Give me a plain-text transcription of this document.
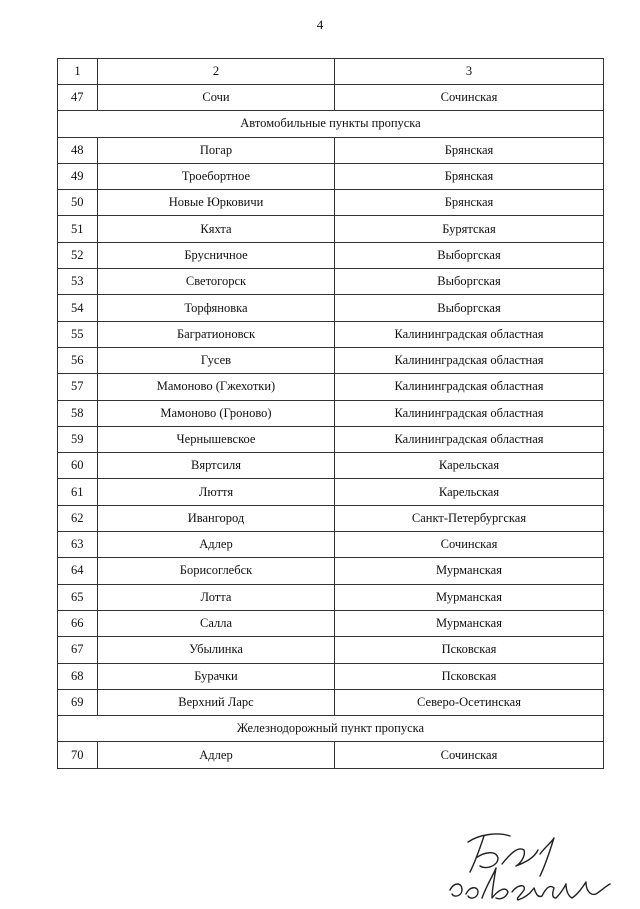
4
1	2	3
47	Сочи	Сочинская
Автомобильные пункты пропуска		
48	Погар	Брянская
49	Троебортное	Брянская
50	Новые Юрковичи	Брянская
51	Кяхта	Бурятская
52	Брусничное	Выборгская
53	Светогорск	Выборгская
54	Торфяновка	Выборгская
55	Багратионовск	Калининградская областная
56	Гусев	Калининградская областная
57	Мамоново (Гжехотки)	Калининградская областная
58	Мамоново (Гроново)	Калининградская областная
59	Чернышевское	Калининградская областная
60	Вяртсиля	Карельская
61	Люття	Карельская
62	Ивангород	Санкт-Петербургская
63	Адлер	Сочинская
64	Борисоглебск	Мурманская
65	Лотта	Мурманская
66	Салла	Мурманская
67	Убылинка	Псковская
68	Бурачки	Псковская
69	Верхний Ларс	Северо-Осетинская
Железнодорожный пункт пропуска		
70	Адлер	Сочинская
